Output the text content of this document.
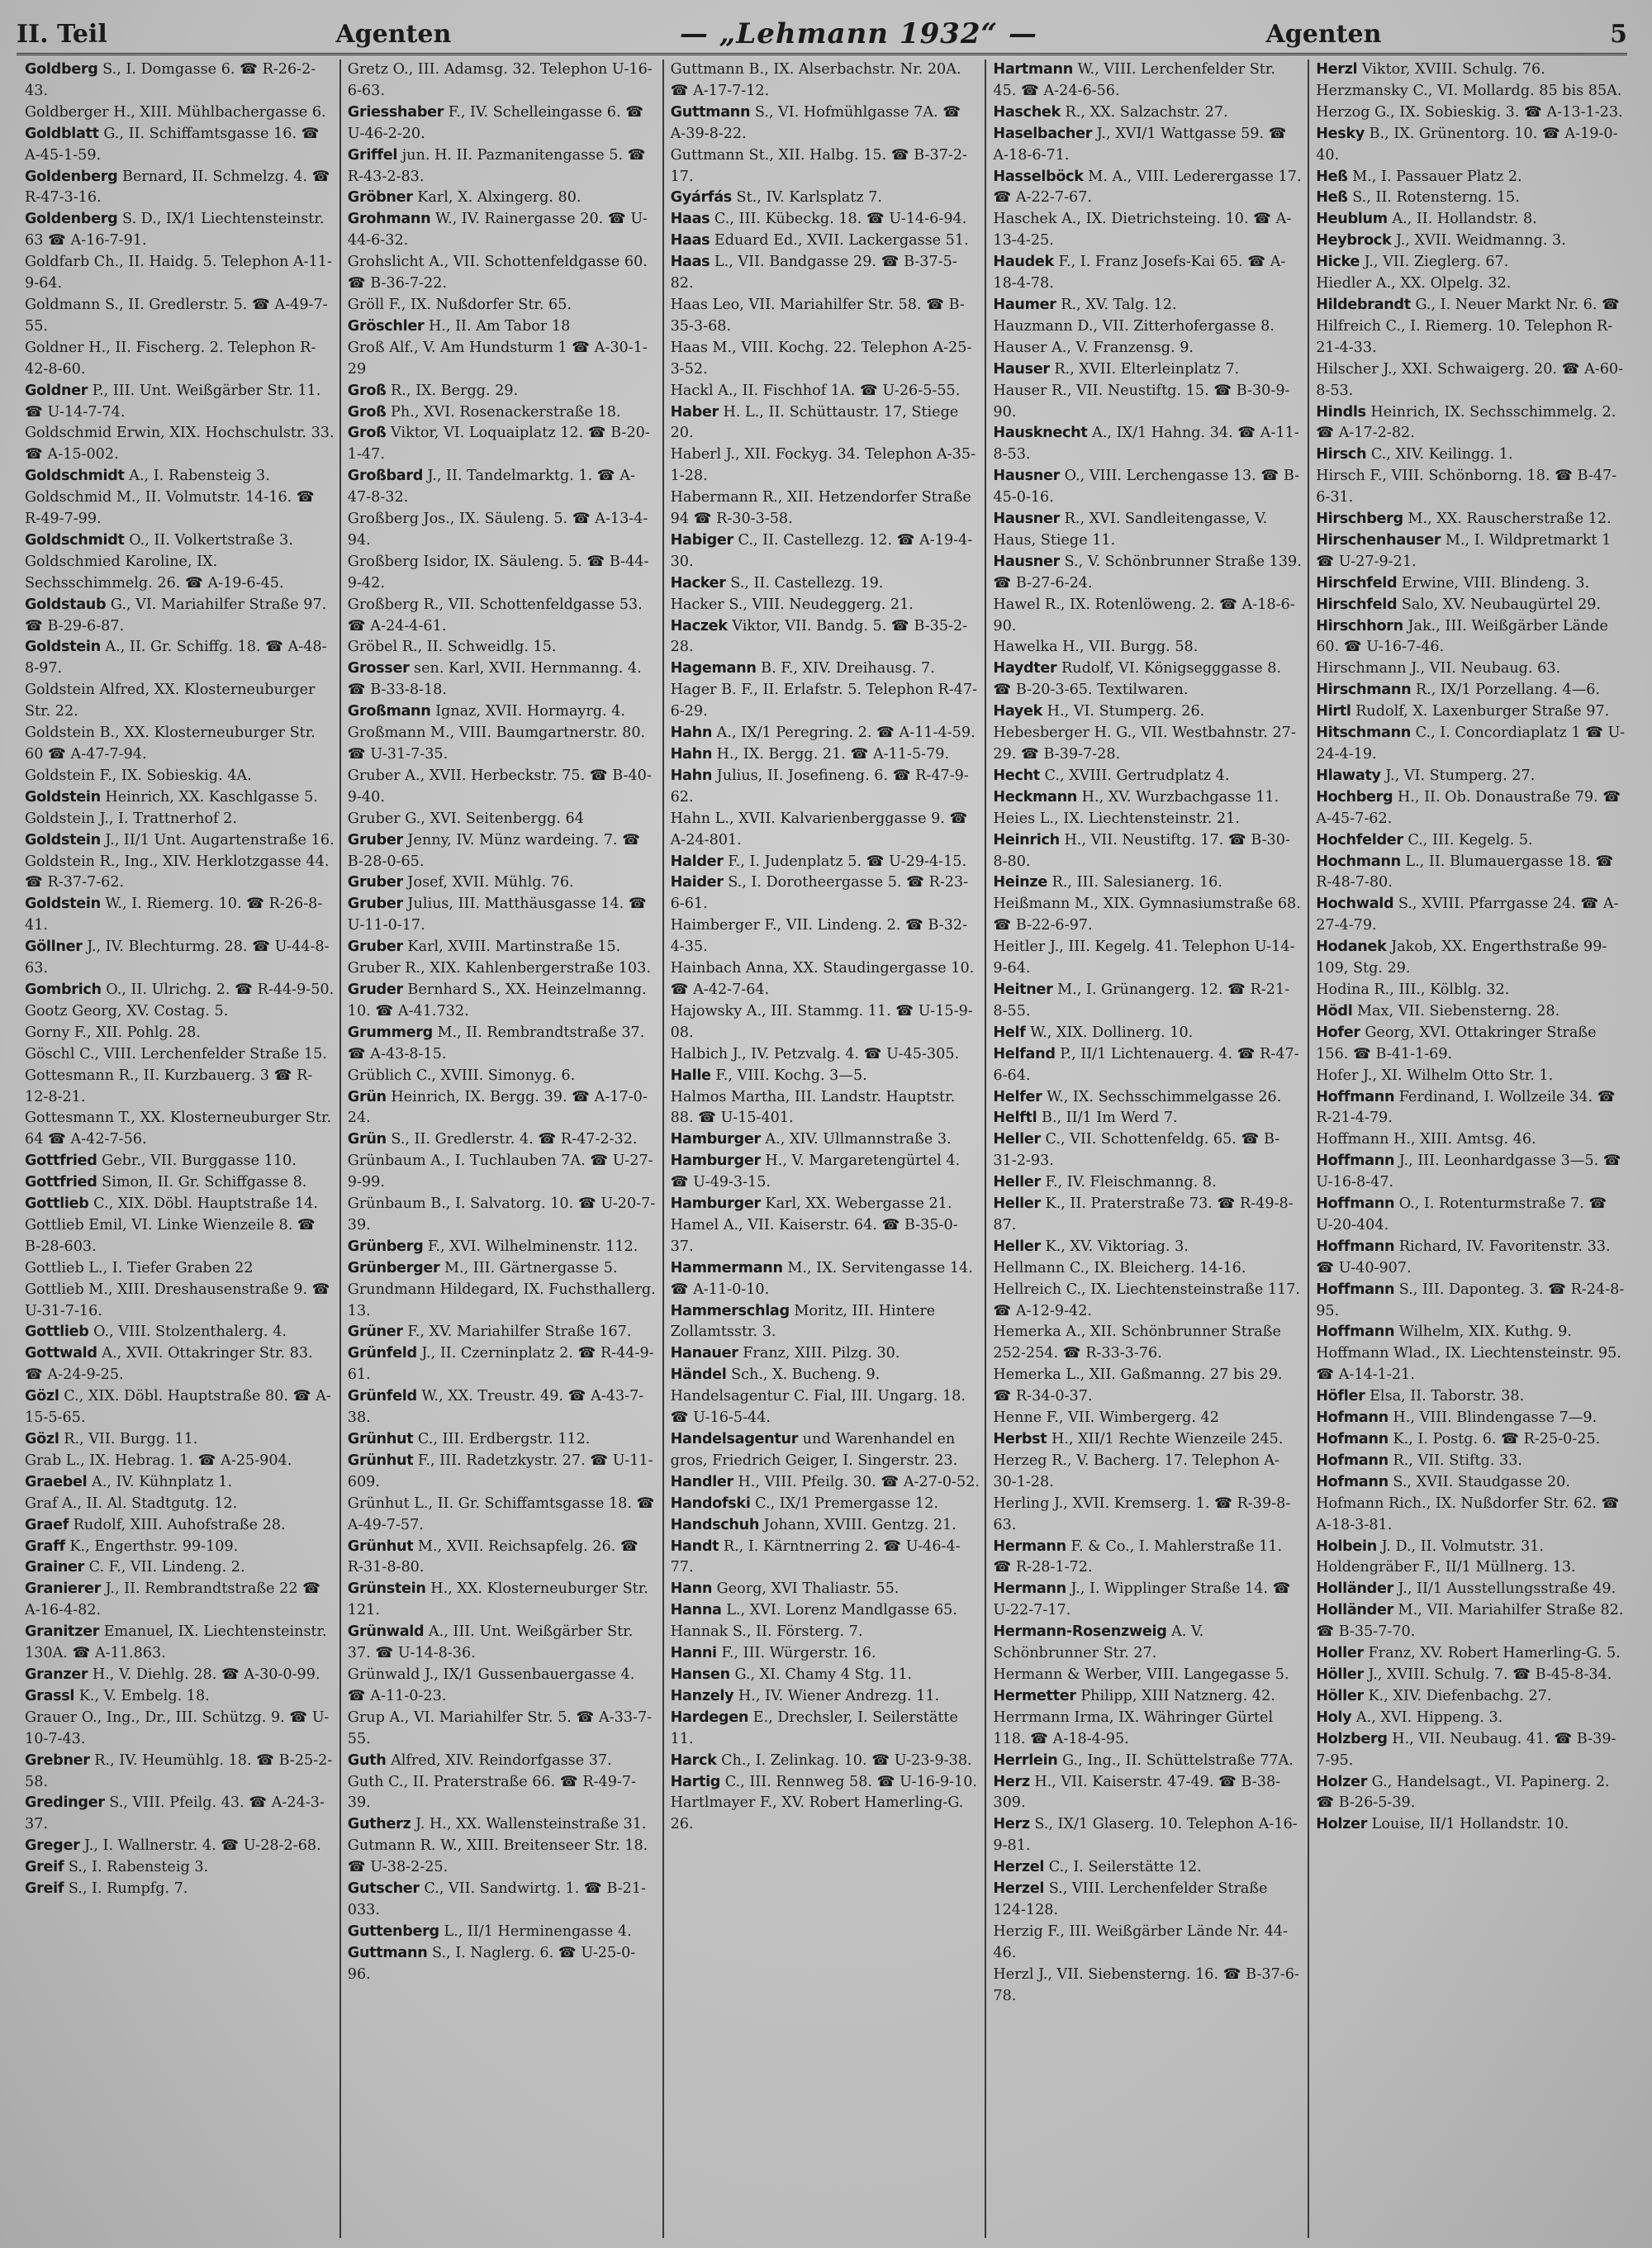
II. Teil	Agenten	— „Lehmann 1932“ —	Agenten	5
Goldberg S., I. Domgasse 6. ☎ R-26-2-43.
Goldberger H., XIII. Mühlbachergasse 6.
Goldblatt G., II. Schiffamtsgasse 16. ☎ A-45-1-59.
Goldenberg Bernard, II. Schmelzg. 4. ☎ R-47-3-16.
Goldenberg S. D., IX/1 Liechtensteinstr. 63 ☎ A-16-7-91.
Goldfarb Ch., II. Haidg. 5. Telephon A-11-9-64.
Goldmann S., II. Gredlerstr. 5. ☎ A-49-7-55.
Goldner H., II. Fischerg. 2. Telephon R-42-8-60.
Goldner P., III. Unt. Weißgärber Str. 11. ☎ U-14-7-74.
Goldschmid Erwin, XIX. Hochschulstr. 33. ☎ A-15-002.
Goldschmidt A., I. Rabensteig 3.
Goldschmid M., II. Volmutstr. 14-16. ☎ R-49-7-99.
Goldschmidt O., II. Volkertstraße 3.
Goldschmied Karoline, IX. Sechsschimmelg. 26. ☎ A-19-6-45.
Goldstaub G., VI. Mariahilfer Straße 97. ☎ B-29-6-87.
Goldstein A., II. Gr. Schiffg. 18. ☎ A-48-8-97.
Goldstein Alfred, XX. Klosterneuburger Str. 22.
Goldstein B., XX. Klosterneuburger Str. 60 ☎ A-47-7-94.
Goldstein F., IX. Sobieskig. 4A.
Goldstein Heinrich, XX. Kaschlgasse 5.
Goldstein J., I. Trattnerhof 2.
Goldstein J., II/1 Unt. Augartenstraße 16.
Goldstein R., Ing., XIV. Herklotzgasse 44. ☎ R-37-7-62.
Goldstein W., I. Riemerg. 10. ☎ R-26-8-41.
Göllner J., IV. Blechturmg. 28. ☎ U-44-8-63.
Gombrich O., II. Ulrichg. 2. ☎ R-44-9-50.
Gootz Georg, XV. Costag. 5.
Gorny F., XII. Pohlg. 28.
Göschl C., VIII. Lerchenfelder Straße 15.
Gottesmann R., II. Kurzbauerg. 3 ☎ R-12-8-21.
Gottesmann T., XX. Klosterneuburger Str. 64 ☎ A-42-7-56.
Gottfried Gebr., VII. Burggasse 110.
Gottfried Simon, II. Gr. Schiffgasse 8.
Gottlieb C., XIX. Döbl. Hauptstraße 14.
Gottlieb Emil, VI. Linke Wienzeile 8. ☎ B-28-603.
Gottlieb L., I. Tiefer Graben 22
Gottlieb M., XIII. Dreshausenstraße 9. ☎ U-31-7-16.
Gottlieb O., VIII. Stolzenthalerg. 4.
Gottwald A., XVII. Ottakringer Str. 83. ☎ A-24-9-25.
Gözl C., XIX. Döbl. Hauptstraße 80. ☎ A-15-5-65.
Gözl R., VII. Burgg. 11.
Grab L., IX. Hebrag. 1. ☎ A-25-904.
Graebel A., IV. Kühnplatz 1.
Graf A., II. Al. Stadtgutg. 12.
Graef Rudolf, XIII. Auhofstraße 28.
Graff K., Engerthstr. 99-109.
Grainer C. F., VII. Lindeng. 2.
Granierer J., II. Rembrandtstraße 22 ☎ A-16-4-82.
Granitzer Emanuel, IX. Liechtensteinstr. 130A. ☎ A-11.863.
Granzer H., V. Diehlg. 28. ☎ A-30-0-99.
Grassl K., V. Embelg. 18.
Grauer O., Ing., Dr., III. Schützg. 9. ☎ U-10-7-43.
Grebner R., IV. Heumühlg. 18. ☎ B-25-2-58.
Gredinger S., VIII. Pfeilg. 43. ☎ A-24-3-37.
Greger J., I. Wallnerstr. 4. ☎ U-28-2-68.
Greif S., I. Rabensteig 3.
Greif S., I. Rumpfg. 7.
Gretz O., III. Adamsg. 32. Telephon U-16-6-63.
Griesshaber F., IV. Schelleingasse 6. ☎ U-46-2-20.
Griffel jun. H. II. Pazmanitengasse 5. ☎ R-43-2-83.
Gröbner Karl, X. Alxingerg. 80.
Grohmann W., IV. Rainergasse 20. ☎ U-44-6-32.
Grohslicht A., VII. Schottenfeldgasse 60. ☎ B-36-7-22.
Gröll F., IX. Nußdorfer Str. 65.
Gröschler H., II. Am Tabor 18
Groß Alf., V. Am Hundsturm 1 ☎ A-30-1-29
Groß R., IX. Bergg. 29.
Groß Ph., XVI. Rosenackerstraße 18.
Groß Viktor, VI. Loquaiplatz 12. ☎ B-20-1-47.
Großbard J., II. Tandelmarktg. 1. ☎ A-47-8-32.
Großberg Jos., IX. Säuleng. 5. ☎ A-13-4-94.
Großberg Isidor, IX. Säuleng. 5. ☎ B-44-9-42.
Großberg R., VII. Schottenfeldgasse 53. ☎ A-24-4-61.
Gröbel R., II. Schweidlg. 15.
Grosser sen. Karl, XVII. Hernmanng. 4. ☎ B-33-8-18.
Großmann Ignaz, XVII. Hormayrg. 4.
Großmann M., VIII. Baumgartnerstr. 80. ☎ U-31-7-35.
Gruber A., XVII. Herbeckstr. 75. ☎ B-40-9-40.
Gruber G., XVI. Seitenbergg. 64
Gruber Jenny, IV. Münz wardeing. 7. ☎ B-28-0-65.
Gruber Josef, XVII. Mühlg. 76.
Gruber Julius, III. Matthäusgasse 14. ☎ U-11-0-17.
Gruber Karl, XVIII. Martinstraße 15.
Gruber R., XIX. Kahlenbergerstraße 103.
Gruder Bernhard S., XX. Heinzelmanng. 10. ☎ A-41.732.
Grummerg M., II. Rembrandtstraße 37. ☎ A-43-8-15.
Grüblich C., XVIII. Simonyg. 6.
Grün Heinrich, IX. Bergg. 39. ☎ A-17-0-24.
Grün S., II. Gredlerstr. 4. ☎ R-47-2-32.
Grünbaum A., I. Tuchlauben 7A. ☎ U-27-9-99.
Grünbaum B., I. Salvatorg. 10. ☎ U-20-7-39.
Grünberg F., XVI. Wilhelminenstr. 112.
Grünberger M., III. Gärtnergasse 5.
Grundmann Hildegard, IX. Fuchsthallerg. 13.
Grüner F., XV. Mariahilfer Straße 167.
Grünfeld J., II. Czerninplatz 2. ☎ R-44-9-61.
Grünfeld W., XX. Treustr. 49. ☎ A-43-7-38.
Grünhut C., III. Erdbergstr. 112.
Grünhut F., III. Radetzkystr. 27. ☎ U-11-609.
Grünhut L., II. Gr. Schiffamtsgasse 18. ☎ A-49-7-57.
Grünhut M., XVII. Reichsapfelg. 26. ☎ R-31-8-80.
Grünstein H., XX. Klosterneuburger Str. 121.
Grünwald A., III. Unt. Weißgärber Str. 37. ☎ U-14-8-36.
Grünwald J., IX/1 Gussenbauergasse 4. ☎ A-11-0-23.
Grup A., VI. Mariahilfer Str. 5. ☎ A-33-7-55.
Guth Alfred, XIV. Reindorfgasse 37.
Guth C., II. Praterstraße 66. ☎ R-49-7-39.
Gutherz J. H., XX. Wallensteinstraße 31.
Gutmann R. W., XIII. Breitenseer Str. 18. ☎ U-38-2-25.
Gutscher C., VII. Sandwirtg. 1. ☎ B-21-033.
Guttenberg L., II/1 Herminengasse 4.
Guttmann S., I. Naglerg. 6. ☎ U-25-0-96.
Guttmann B., IX. Alserbachstr. Nr. 20A. ☎ A-17-7-12.
Guttmann S., VI. Hofmühlgasse 7A. ☎ A-39-8-22.
Guttmann St., XII. Halbg. 15. ☎ B-37-2-17.
Gyárfás St., IV. Karlsplatz 7.
Haas C., III. Kübeckg. 18. ☎ U-14-6-94.
Haas Eduard Ed., XVII. Lackergasse 51.
Haas L., VII. Bandgasse 29. ☎ B-37-5-82.
Haas Leo, VII. Mariahilfer Str. 58. ☎ B-35-3-68.
Haas M., VIII. Kochg. 22. Telephon A-25-3-52.
Hackl A., II. Fischhof 1A. ☎ U-26-5-55.
Haber H. L., II. Schüttaustr. 17, Stiege 20.
Haberl J., XII. Fockyg. 34. Telephon A-35-1-28.
Habermann R., XII. Hetzendorfer Straße 94 ☎ R-30-3-58.
Habiger C., II. Castellezg. 12. ☎ A-19-4-30.
Hacker S., II. Castellezg. 19.
Hacker S., VIII. Neudeggerg. 21.
Haczek Viktor, VII. Bandg. 5. ☎ B-35-2-28.
Hagemann B. F., XIV. Dreihausg. 7.
Hager B. F., II. Erlafstr. 5. Telephon R-47-6-29.
Hahn A., IX/1 Peregring. 2. ☎ A-11-4-59.
Hahn H., IX. Bergg. 21. ☎ A-11-5-79.
Hahn Julius, II. Josefineng. 6. ☎ R-47-9-62.
Hahn L., XVII. Kalvarienberggasse 9. ☎ A-24-801.
Halder F., I. Judenplatz 5. ☎ U-29-4-15.
Haider S., I. Dorotheergasse 5. ☎ R-23-6-61.
Haimberger F., VII. Lindeng. 2. ☎ B-32-4-35.
Hainbach Anna, XX. Staudingergasse 10. ☎ A-42-7-64.
Hajowsky A., III. Stammg. 11. ☎ U-15-9-08.
Halbich J., IV. Petzvalg. 4. ☎ U-45-305.
Halle F., VIII. Kochg. 3—5.
Halmos Martha, III. Landstr. Hauptstr. 88. ☎ U-15-401.
Hamburger A., XIV. Ullmannstraße 3.
Hamburger H., V. Margaretengürtel 4. ☎ U-49-3-15.
Hamburger Karl, XX. Webergasse 21.
Hamel A., VII. Kaiserstr. 64. ☎ B-35-0-37.
Hammermann M., IX. Servitengasse 14. ☎ A-11-0-10.
Hammerschlag Moritz, III. Hintere Zollamtsstr. 3.
Hanauer Franz, XIII. Pilzg. 30.
Händel Sch., X. Bucheng. 9.
Handelsagentur C. Fial, III. Ungarg. 18. ☎ U-16-5-44.
Handelsagentur und Warenhandel en gros, Friedrich Geiger, I. Singerstr. 23.
Handler H., VIII. Pfeilg. 30. ☎ A-27-0-52.
Handofski C., IX/1 Premergasse 12.
Handschuh Johann, XVIII. Gentzg. 21.
Handt R., I. Kärntnerring 2. ☎ U-46-4-77.
Hann Georg, XVI Thaliastr. 55.
Hanna L., XVI. Lorenz Mandlgasse 65.
Hannak S., II. Försterg. 7.
Hanni F., III. Würgerstr. 16.
Hansen G., XI. Chamy 4 Stg. 11.
Hanzely H., IV. Wiener Andrezg. 11.
Hardegen E., Drechsler, I. Seilerstätte 11.
Harck Ch., I. Zelinkag. 10. ☎ U-23-9-38.
Hartig C., III. Rennweg 58. ☎ U-16-9-10.
Hartlmayer F., XV. Robert Hamerling-G. 26.
Hartmann W., VIII. Lerchenfelder Str. 45. ☎ A-24-6-56.
Haschek R., XX. Salzachstr. 27.
Haselbacher J., XVI/1 Wattgasse 59. ☎ A-18-6-71.
Hasselböck M. A., VIII. Lederergasse 17. ☎ A-22-7-67.
Haschek A., IX. Dietrichsteing. 10. ☎ A-13-4-25.
Haudek F., I. Franz Josefs-Kai 65. ☎ A-18-4-78.
Haumer R., XV. Talg. 12.
Hauzmann D., VII. Zitterhofergasse 8.
Hauser A., V. Franzensg. 9.
Hauser R., XVII. Elterleinplatz 7.
Hauser R., VII. Neustiftg. 15. ☎ B-30-9-90.
Hausknecht A., IX/1 Hahng. 34. ☎ A-11-8-53.
Hausner O., VIII. Lerchengasse 13. ☎ B-45-0-16.
Hausner R., XVI. Sandleitengasse, V. Haus, Stiege 11.
Hausner S., V. Schönbrunner Straße 139. ☎ B-27-6-24.
Hawel R., IX. Rotenlöweng. 2. ☎ A-18-6-90.
Hawelka H., VII. Burgg. 58.
Haydter Rudolf, VI. Königsegggasse 8. ☎ B-20-3-65. Textilwaren.
Hayek H., VI. Stumperg. 26.
Hebesberger H. G., VII. Westbahnstr. 27-29. ☎ B-39-7-28.
Hecht C., XVIII. Gertrudplatz 4.
Heckmann H., XV. Wurzbachgasse 11.
Heies L., IX. Liechtensteinstr. 21.
Heinrich H., VII. Neustiftg. 17. ☎ B-30-8-80.
Heinze R., III. Salesianerg. 16.
Heißmann M., XIX. Gymnasiumstraße 68. ☎ B-22-6-97.
Heitler J., III. Kegelg. 41. Telephon U-14-9-64.
Heitner M., I. Grünangerg. 12. ☎ R-21-8-55.
Helf W., XIX. Dollinerg. 10.
Helfand P., II/1 Lichtenauerg. 4. ☎ R-47-6-64.
Helfer W., IX. Sechsschimmelgasse 26.
Helftl B., II/1 Im Werd 7.
Heller C., VII. Schottenfeldg. 65. ☎ B-31-2-93.
Heller F., IV. Fleischmanng. 8.
Heller K., II. Praterstraße 73. ☎ R-49-8-87.
Heller K., XV. Viktoriag. 3.
Hellmann C., IX. Bleicherg. 14-16.
Hellreich C., IX. Liechtensteinstraße 117. ☎ A-12-9-42.
Hemerka A., XII. Schönbrunner Straße 252-254. ☎ R-33-3-76.
Hemerka L., XII. Gaßmanng. 27 bis 29. ☎ R-34-0-37.
Henne F., VII. Wimbergerg. 42
Herbst H., XII/1 Rechte Wienzeile 245.
Herzeg R., V. Bacherg. 17. Telephon A-30-1-28.
Herling J., XVII. Kremserg. 1. ☎ R-39-8-63.
Hermann F. & Co., I. Mahlerstraße 11. ☎ R-28-1-72.
Hermann J., I. Wipplinger Straße 14. ☎ U-22-7-17.
Hermann-Rosenzweig A. V. Schönbrunner Str. 27.
Hermann & Werber, VIII. Langegasse 5.
Hermetter Philipp, XIII Natznerg. 42.
Herrmann Irma, IX. Währinger Gürtel 118. ☎ A-18-4-95.
Herrlein G., Ing., II. Schüttelstraße 77A.
Herz H., VII. Kaiserstr. 47-49. ☎ B-38-309.
Herz S., IX/1 Glaserg. 10. Telephon A-16-9-81.
Herzel C., I. Seilerstätte 12.
Herzel S., VIII. Lerchenfelder Straße 124-128.
Herzig F., III. Weißgärber Lände Nr. 44-46.
Herzl J., VII. Siebensterng. 16. ☎ B-37-6-78.
Herzl Viktor, XVIII. Schulg. 76.
Herzmansky C., VI. Mollardg. 85 bis 85A.
Herzog G., IX. Sobieskig. 3. ☎ A-13-1-23.
Hesky B., IX. Grünentorg. 10. ☎ A-19-0-40.
Heß M., I. Passauer Platz 2.
Heß S., II. Rotensterng. 15.
Heublum A., II. Hollandstr. 8.
Heybrock J., XVII. Weidmanng. 3.
Hicke J., VII. Zieglerg. 67.
Hiedler A., XX. Olpelg. 32.
Hildebrandt G., I. Neuer Markt Nr. 6. ☎
Hilfreich C., I. Riemerg. 10. Telephon R-21-4-33.
Hilscher J., XXI. Schwaigerg. 20. ☎ A-60-8-53.
Hindls Heinrich, IX. Sechsschimmelg. 2. ☎ A-17-2-82.
Hirsch C., XIV. Keilingg. 1.
Hirsch F., VIII. Schönborng. 18. ☎ B-47-6-31.
Hirschberg M., XX. Rauscherstraße 12.
Hirschenhauser M., I. Wildpretmarkt 1 ☎ U-27-9-21.
Hirschfeld Erwine, VIII. Blindeng. 3.
Hirschfeld Salo, XV. Neubaugürtel 29.
Hirschhorn Jak., III. Weißgärber Lände 60. ☎ U-16-7-46.
Hirschmann J., VII. Neubaug. 63.
Hirschmann R., IX/1 Porzellang. 4—6.
Hirtl Rudolf, X. Laxenburger Straße 97.
Hitschmann C., I. Concordiaplatz 1 ☎ U-24-4-19.
Hlawaty J., VI. Stumperg. 27.
Hochberg H., II. Ob. Donaustraße 79. ☎ A-45-7-62.
Hochfelder C., III. Kegelg. 5.
Hochmann L., II. Blumauergasse 18. ☎ R-48-7-80.
Hochwald S., XVIII. Pfarrgasse 24. ☎ A-27-4-79.
Hodanek Jakob, XX. Engerthstraße 99-109, Stg. 29.
Hodina R., III., Kölblg. 32.
Hödl Max, VII. Siebensterng. 28.
Hofer Georg, XVI. Ottakringer Straße 156. ☎ B-41-1-69.
Hofer J., XI. Wilhelm Otto Str. 1.
Hoffmann Ferdinand, I. Wollzeile 34. ☎ R-21-4-79.
Hoffmann H., XIII. Amtsg. 46.
Hoffmann J., III. Leonhardgasse 3—5. ☎ U-16-8-47.
Hoffmann O., I. Rotenturmstraße 7. ☎ U-20-404.
Hoffmann Richard, IV. Favoritenstr. 33. ☎ U-40-907.
Hoffmann S., III. Daponteg. 3. ☎ R-24-8-95.
Hoffmann Wilhelm, XIX. Kuthg. 9.
Hoffmann Wlad., IX. Liechtensteinstr. 95. ☎ A-14-1-21.
Höfler Elsa, II. Taborstr. 38.
Hofmann H., VIII. Blindengasse 7—9.
Hofmann K., I. Postg. 6. ☎ R-25-0-25.
Hofmann R., VII. Stiftg. 33.
Hofmann S., XVII. Staudgasse 20.
Hofmann Rich., IX. Nußdorfer Str. 62. ☎ A-18-3-81.
Holbein J. D., II. Volmutstr. 31.
Holdengräber F., II/1 Müllnerg. 13.
Holländer J., II/1 Ausstellungsstraße 49.
Holländer M., VII. Mariahilfer Straße 82. ☎ B-35-7-70.
Holler Franz, XV. Robert Hamerling-G. 5.
Höller J., XVIII. Schulg. 7. ☎ B-45-8-34.
Höller K., XIV. Diefenbachg. 27.
Holy A., XVI. Hippeng. 3.
Holzberg H., VII. Neubaug. 41. ☎ B-39-7-95.
Holzer G., Handelsagt., VI. Papinerg. 2. ☎ B-26-5-39.
Holzer Louise, II/1 Hollandstr. 10.
